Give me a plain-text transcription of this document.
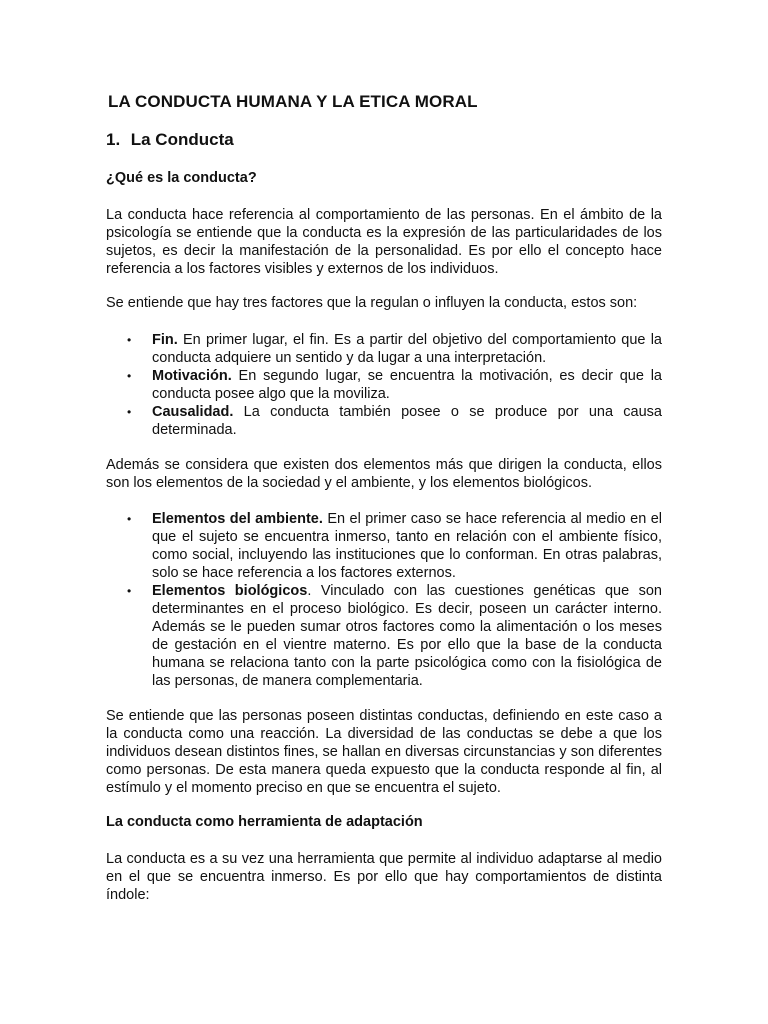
LA CONDUCTA HUMANA Y LA ETICA MORAL
1. La Conducta

¿Qué es la conducta?

La conducta hace referencia al comportamiento de las personas. En el ámbito de la psicología se entiende que la conducta es la expresión de las particularidades de los sujetos, es decir la manifestación de la personalidad. Es por ello el concepto hace referencia a los factores visibles y externos de los individuos.

Se entiende que hay tres factores que la regulan o influyen la conducta, estos son:

• Fin. En primer lugar, el fin. Es a partir del objetivo del comportamiento que la conducta adquiere un sentido y da lugar a una interpretación.
• Motivación. En segundo lugar, se encuentra la motivación, es decir que la conducta posee algo que la moviliza.
• Causalidad. La conducta también posee o se produce por una causa determinada.

Además se considera que existen dos elementos más que dirigen la conducta, ellos son los elementos de la sociedad y el ambiente, y los elementos biológicos.

• Elementos del ambiente. En el primer caso se hace referencia al medio en el que el sujeto se encuentra inmerso, tanto en relación con el ambiente físico, como social, incluyendo las instituciones que lo conforman. En otras palabras, solo se hace referencia a los factores externos.
• Elementos biológicos. Vinculado con las cuestiones genéticas que son determinantes en el proceso biológico. Es decir, poseen un carácter interno. Además se le pueden sumar otros factores como la alimentación o los meses de gestación en el vientre materno. Es por ello que la base de la conducta humana se relaciona tanto con la parte psicológica como con la fisiológica de las personas, de manera complementaria.

Se entiende que las personas poseen distintas conductas, definiendo en este caso a la conducta como una reacción. La diversidad de las conductas se debe a que los individuos desean distintos fines, se hallan en diversas circunstancias y son diferentes como personas. De esta manera queda expuesto que la conducta responde al fin, al estímulo y el momento preciso en que se encuentra el sujeto.

La conducta como herramienta de adaptación

La conducta es a su vez una herramienta que permite al individuo adaptarse al medio en el que se encuentra inmerso. Es por ello que hay comportamientos de distinta índole:
